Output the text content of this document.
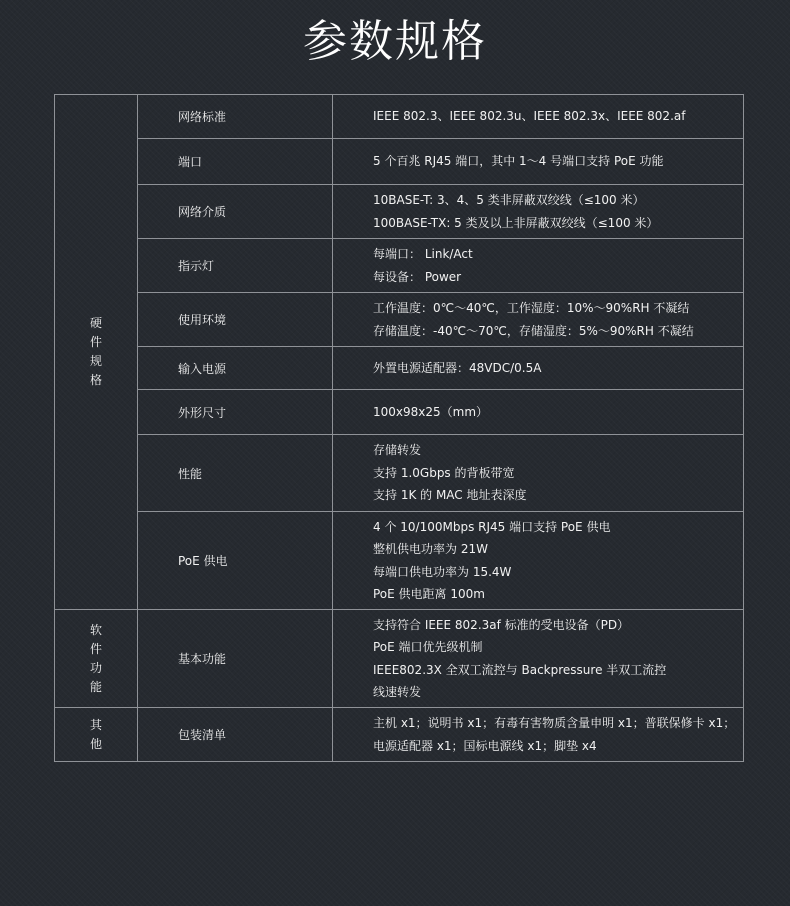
参数规格
硬件规格	网络标准	IEEE 802.3、IEEE 802.3u、IEEE 802.3x、IEEE 802.af

	端口	5 个百兆 RJ45 端口，其中 1～4 号端口支持 PoE 功能

	网络介质	10BASE-T: 3、4、5 类非屏蔽双绞线（≤100 米）
100BASE-TX: 5 类及以上非屏蔽双绞线（≤100 米）

	指示灯	每端口： Link/Act
每设备： Power

	使用环境	工作温度：0℃～40℃，工作湿度：10%～90%RH 不凝结
存储温度：-40℃～70℃，存储湿度：5%～90%RH 不凝结

	输入电源	外置电源适配器：48VDC/0.5A

	外形尺寸	100x98x25（mm）

	性能	存储转发
支持 1.0Gbps 的背板带宽
支持 1K 的 MAC 地址表深度

	PoE 供电	4 个 10/100Mbps RJ45 端口支持 PoE 供电
整机供电功率为 21W
每端口供电功率为 15.4W
PoE 供电距离 100m

软件功能	基本功能	支持符合 IEEE 802.3af 标准的受电设备（PD）
PoE 端口优先级机制
IEEE802.3X 全双工流控与 Backpressure 半双工流控
线速转发

其他	包装清单	主机 x1；说明书 x1；有毒有害物质含量申明 x1；普联保修卡 x1；
电源适配器 x1；国标电源线 x1；脚垫 x4
